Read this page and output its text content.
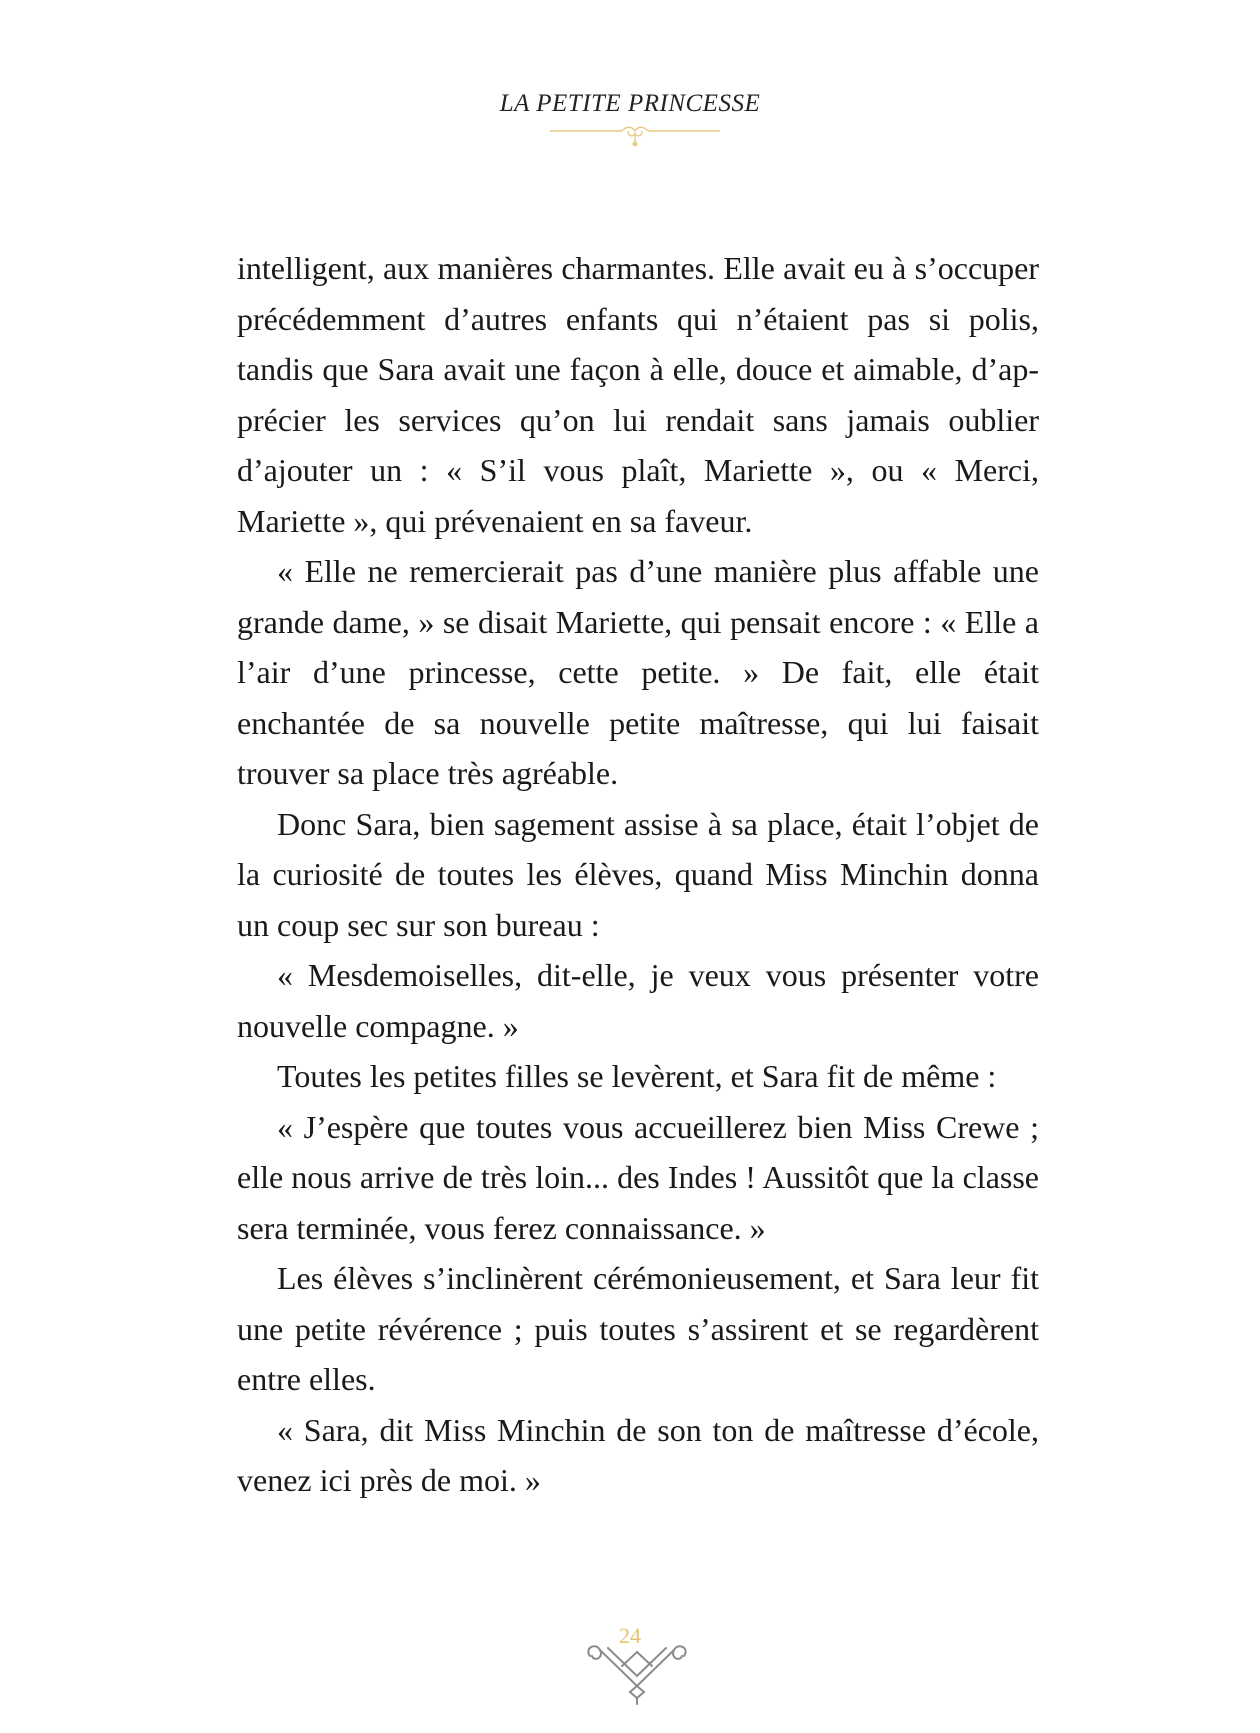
LA PETITE PRINCESSE

intelligent, aux manières charmantes. Elle avait eu à s’occuper précédemment d’autres enfants qui n’étaient pas si polis, tandis que Sara avait une façon à elle, douce et aimable, d’ap-précier les services qu’on lui rendait sans jamais oublier d’ajouter un : « S’il vous plaît, Mariette », ou « Merci, Mariette », qui prévenaient en sa faveur.

« Elle ne remercierait pas d’une manière plus affable une grande dame, » se disait Mariette, qui pensait encore : « Elle a l’air d’une princesse, cette petite. » De fait, elle était enchantée de sa nouvelle petite maîtresse, qui lui faisait trouver sa place très agréable.

Donc Sara, bien sagement assise à sa place, était l’objet de la curiosité de toutes les élèves, quand Miss Minchin donna un coup sec sur son bureau :

« Mesdemoiselles, dit-elle, je veux vous présenter votre nouvelle compagne. »

Toutes les petites filles se levèrent, et Sara fit de même :

« J’espère que toutes vous accueillerez bien Miss Crewe ; elle nous arrive de très loin... des Indes ! Aussitôt que la classe sera terminée, vous ferez connaissance. »

Les élèves s’inclinèrent cérémonieusement, et Sara leur fit une petite révérence ; puis toutes s’assirent et se regardèrent entre elles.

« Sara, dit Miss Minchin de son ton de maîtresse d’école, venez ici près de moi. »

24
